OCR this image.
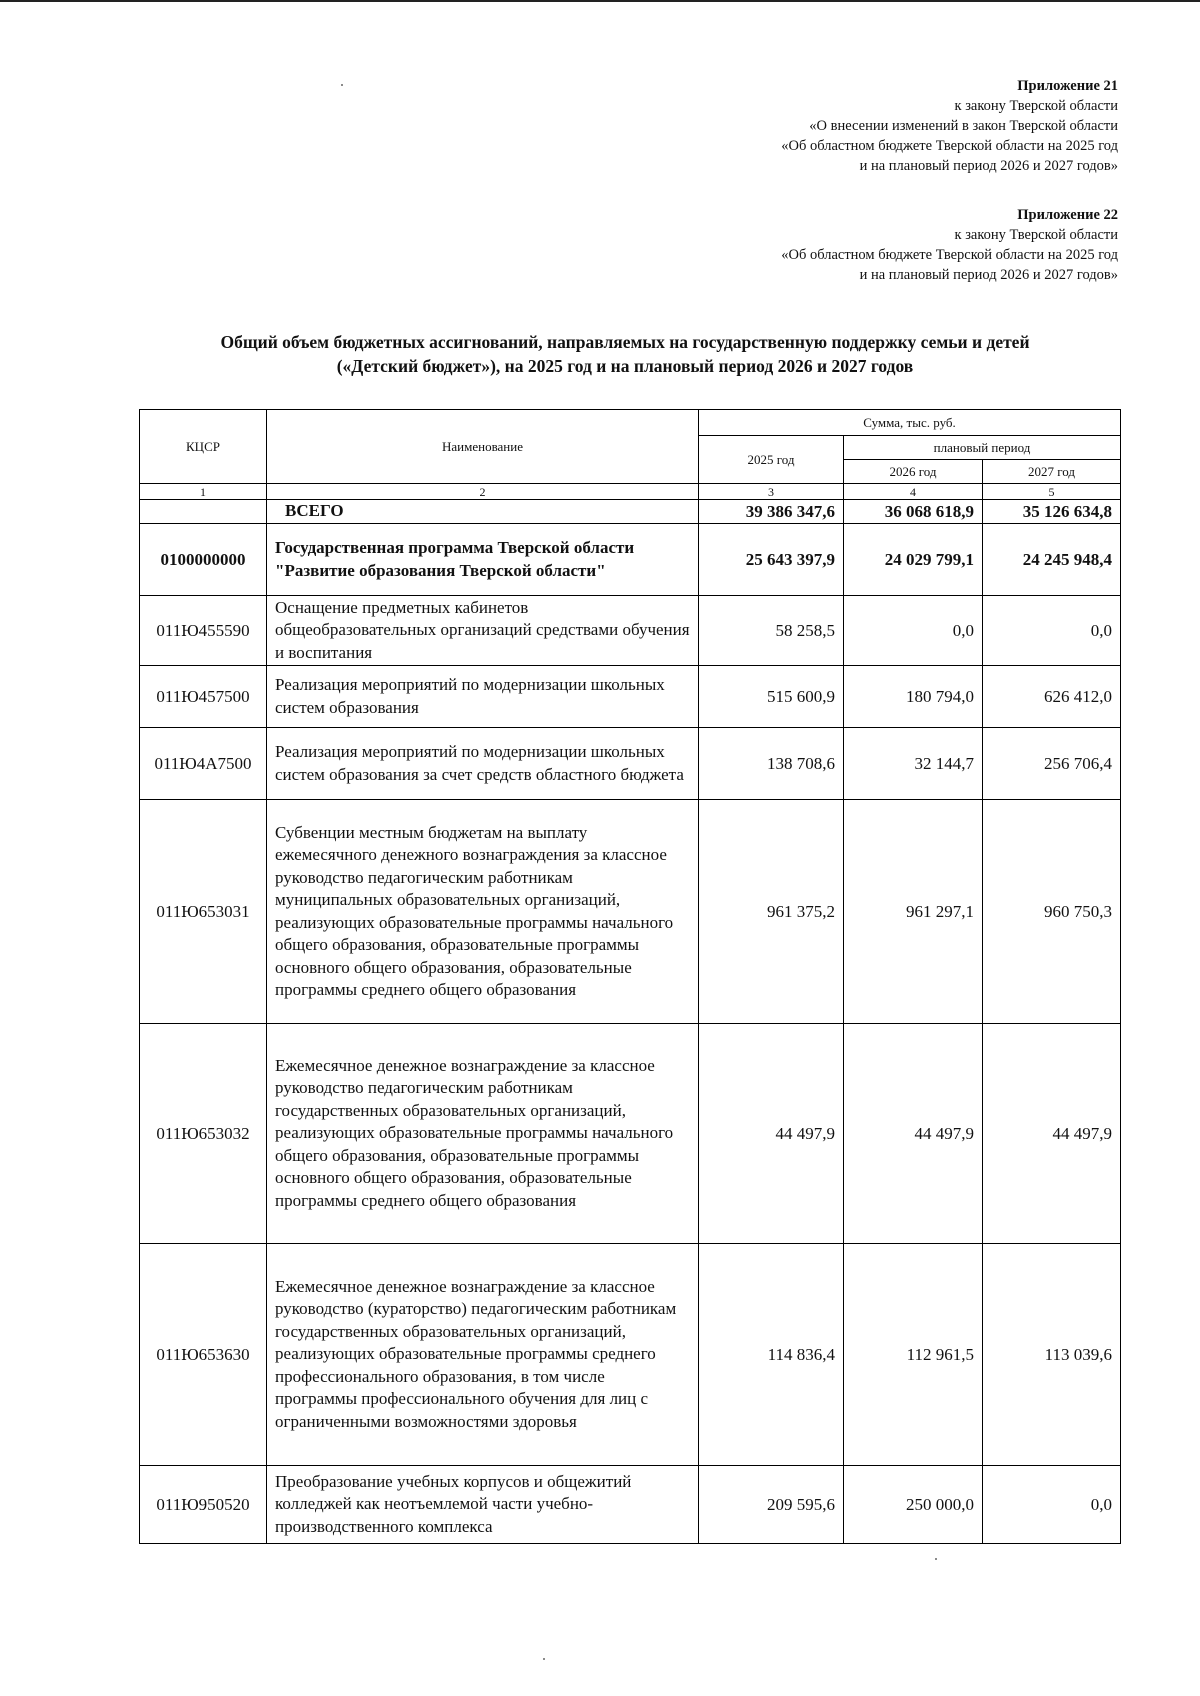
Приложение 21
к закону Тверской области
«О внесении изменений в закон Тверской области
«Об областном бюджете Тверской области на 2025 год
и на плановый период 2026 и 2027 годов»
Приложение 22
к закону Тверской области
«Об областном бюджете Тверской области на 2025 год
и на плановый период 2026 и 2027 годов»
Общий объем бюджетных ассигнований, направляемых на государственную поддержку семьи и детей
(«Детский бюджет»), на 2025 год и на плановый период 2026 и 2027 годов
КЦСР	Наименование	Сумма, тыс. руб.		
		2025 год	плановый период	
			2026 год	2027 год
1	2	3	4	5
	ВСЕГО	39 386 347,6	36 068 618,9	35 126 634,8
0100000000	Государственная программа Тверской области "Развитие образования Тверской области"	25 643 397,9	24 029 799,1	24 245 948,4
011Ю455590	Оснащение предметных кабинетов общеобразовательных организаций средствами обучения и воспитания	58 258,5	0,0	0,0
011Ю457500	Реализация мероприятий по модернизации школьных систем образования	515 600,9	180 794,0	626 412,0
011Ю4А7500	Реализация мероприятий по модернизации школьных систем образования за счет средств областного бюджета	138 708,6	32 144,7	256 706,4
011Ю653031	Субвенции местным бюджетам на выплату ежемесячного денежного вознаграждения за классное руководство педагогическим работникам муниципальных образовательных организаций, реализующих образовательные программы начального общего образования, образовательные программы основного общего образования, образовательные программы среднего общего образования	961 375,2	961 297,1	960 750,3
011Ю653032	Ежемесячное денежное вознаграждение за классное руководство педагогическим работникам государственных образовательных организаций, реализующих образовательные программы начального общего образования, образовательные программы основного общего образования, образовательные программы среднего общего образования	44 497,9	44 497,9	44 497,9
011Ю653630	Ежемесячное денежное вознаграждение за классное руководство (кураторство) педагогическим работникам государственных образовательных организаций, реализующих образовательные программы среднего профессионального образования, в том числе программы профессионального обучения для лиц с ограниченными возможностями здоровья	114 836,4	112 961,5	113 039,6
011Ю950520	Преобразование учебных корпусов и общежитий колледжей как неотъемлемой части учебно-производственного комплекса	209 595,6	250 000,0	0,0
